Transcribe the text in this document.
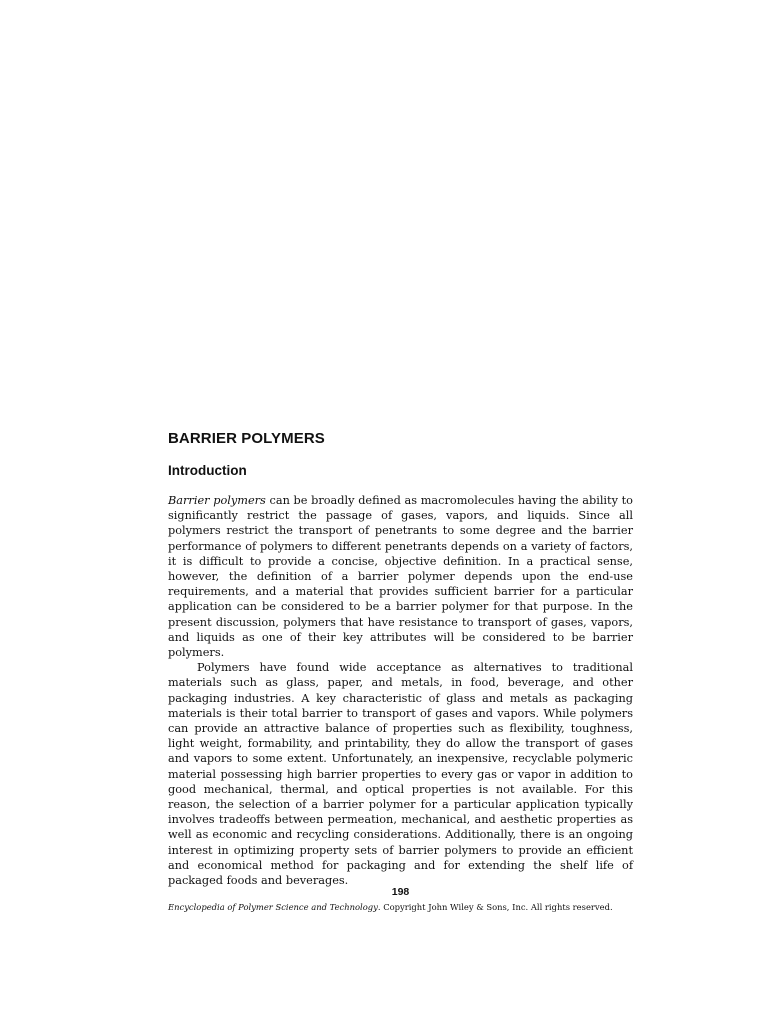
BARRIER POLYMERS
Introduction

Barrier polymers can be broadly defined as macromolecules having the ability to significantly restrict the passage of gases, vapors, and liquids. Since all polymers restrict the transport of penetrants to some degree and the barrier performance of polymers to different penetrants depends on a variety of factors, it is difficult to provide a concise, objective definition. In a practical sense, however, the definition of a barrier polymer depends upon the end-use requirements, and a material that provides sufficient barrier for a particular application can be considered to be a barrier polymer for that purpose. In the present discussion, polymers that have resistance to transport of gases, vapors, and liquids as one of their key attributes will be considered to be barrier polymers.

Polymers have found wide acceptance as alternatives to traditional materials such as glass, paper, and metals, in food, beverage, and other packaging industries. A key characteristic of glass and metals as packaging materials is their total barrier to transport of gases and vapors. While polymers can provide an attractive balance of properties such as flexibility, toughness, light weight, formability, and printability, they do allow the transport of gases and vapors to some extent. Unfortunately, an inexpensive, recyclable polymeric material possessing high barrier properties to every gas or vapor in addition to good mechanical, thermal, and optical properties is not available. For this reason, the selection of a barrier polymer for a particular application typically involves tradeoffs between permeation, mechanical, and aesthetic properties as well as economic and recycling considerations. Additionally, there is an ongoing interest in optimizing property sets of barrier polymers to provide an efficient and economical method for packaging and for extending the shelf life of packaged foods and beverages.

198
Encyclopedia of Polymer Science and Technology. Copyright John Wiley & Sons, Inc. All rights reserved.
